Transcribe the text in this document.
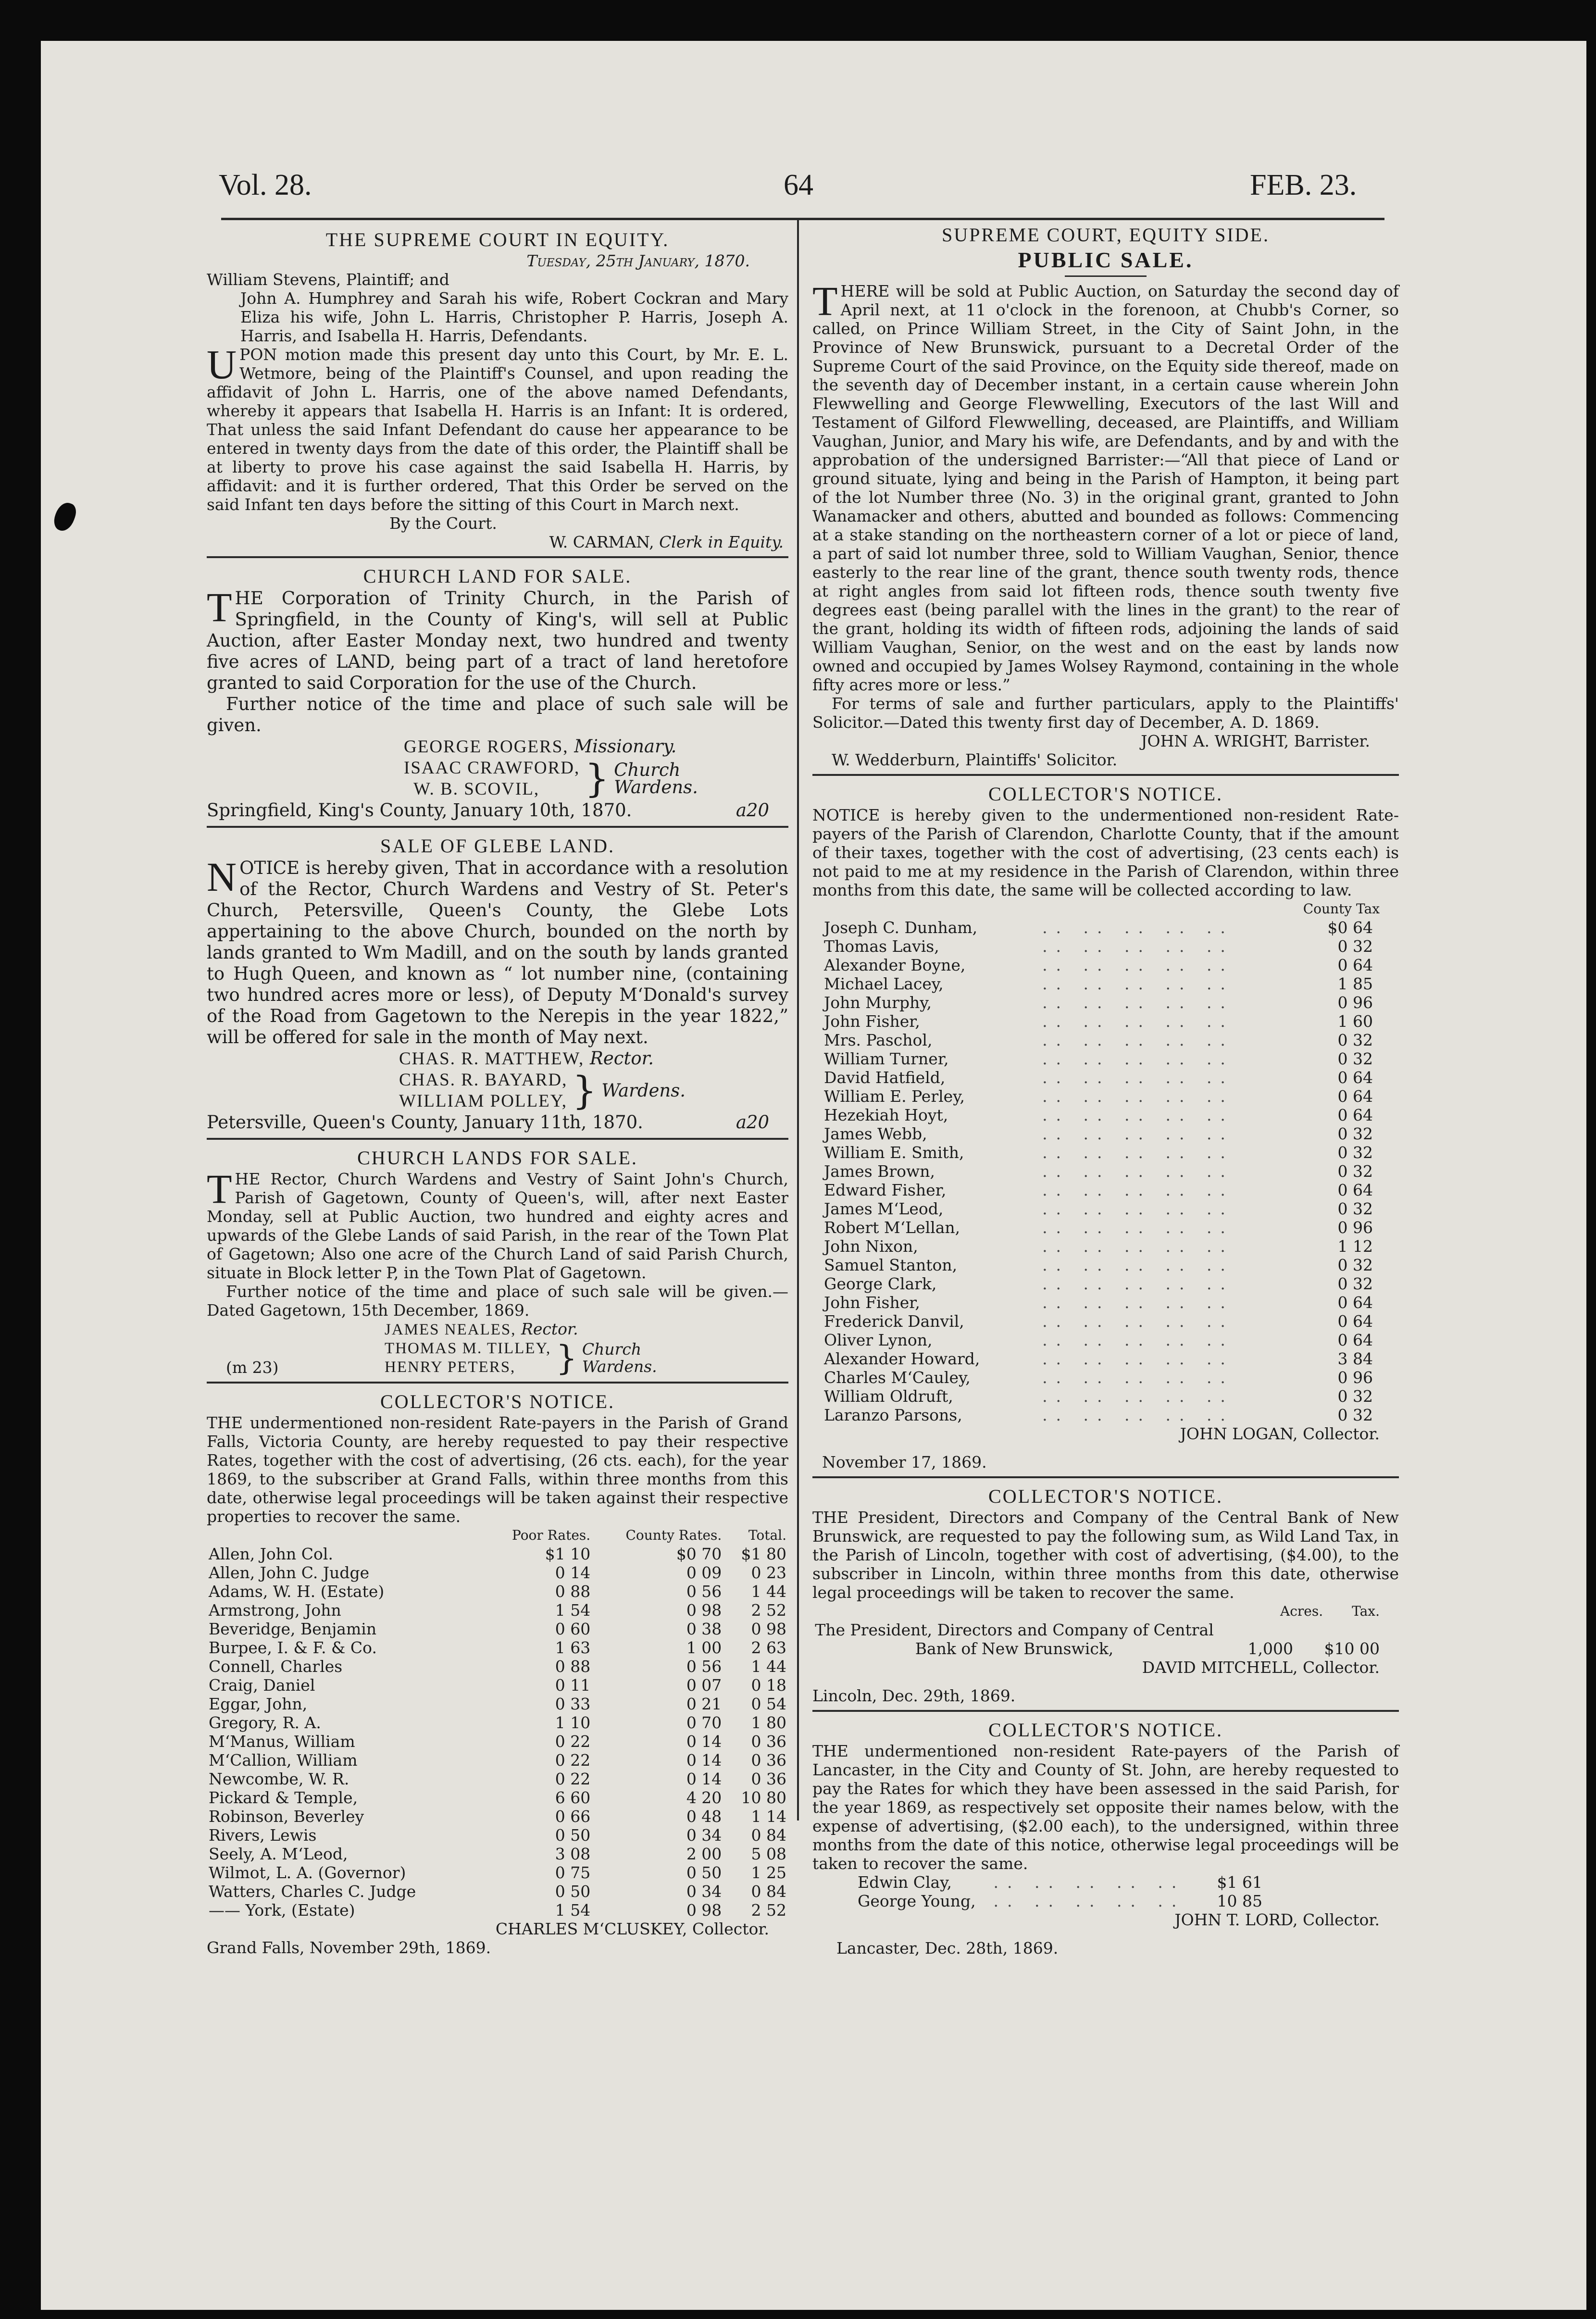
Vol. 28.	64	FEB. 23.
THE SUPREME COURT IN EQUITY.
Tuesday, 25th January, 1870.
William Stevens, Plaintiff; and

John A. Humphrey and Sarah his wife, Robert Cockran and Mary Eliza his wife, John L. Harris, Christopher P. Harris, Joseph A. Harris, and Isabella H. Harris, Defendants.

UPON motion made this present day unto this Court, by Mr. E. L. Wetmore, being of the Plaintiff's Counsel, and upon reading the affidavit of John L. Harris, one of the above named Defendants, whereby it appears that Isabella H. Harris is an Infant: It is ordered, That unless the said Infant Defendant do cause her appearance to be entered in twenty days from the date of this order, the Plaintiff shall be at liberty to prove his case against the said Isabella H. Harris, by affidavit: and it is further ordered, That this Order be served on the said Infant ten days before the sitting of this Court in March next.

By the Court.
W. CARMAN, Clerk in Equity.
CHURCH LAND FOR SALE.

THE Corporation of Trinity Church, in the Parish of Springfield, in the County of King's, will sell at Public Auction, after Easter Monday next, two hundred and twenty five acres of LAND, being part of a tract of land heretofore granted to said Corporation for the use of the Church.

Further notice of the time and place of such sale will be given.

GEORGE ROGERS, Missionary.
ISAAC CRAWFORD,
W. B. SCOVIL,	} Church
Wardens.
Springfield, King's County, January 10th, 1870.	a20
SALE OF GLEBE LAND.

NOTICE is hereby given, That in accordance with a resolution of the Rector, Church Wardens and Vestry of St. Peter's Church, Petersville, Queen's County, the Glebe Lots appertaining to the above Church, bounded on the north by lands granted to Wm Madill, and on the south by lands granted to Hugh Queen, and known as “ lot number nine, (containing two hundred acres more or less), of Deputy M‘Donald's survey of the Road from Gagetown to the Nerepis in the year 1822,” will be offered for sale in the month of May next.

CHAS. R. MATTHEW, Rector.
CHAS. R. BAYARD,
WILLIAM POLLEY, } Wardens.
Petersville, Queen's County, January 11th, 1870.	a20
CHURCH LANDS FOR SALE.

THE Rector, Church Wardens and Vestry of Saint John's Church, Parish of Gagetown, County of Queen's, will, after next Easter Monday, sell at Public Auction, two hundred and eighty acres and upwards of the Glebe Lands of said Parish, in the rear of the Town Plat of Gagetown; Also one acre of the Church Land of said Parish Church, situate in Block letter P, in the Town Plat of Gagetown.

Further notice of the time and place of such sale will be given.—Dated Gagetown, 15th December, 1869.

(m 23)
JAMES NEALES, Rector.
THOMAS M. TILLEY,
HENRY PETERS,	} Church
Wardens.
COLLECTOR'S NOTICE.

THE undermentioned non-resident Rate-payers in the Parish of Grand Falls, Victoria County, are hereby requested to pay their respective Rates, together with the cost of advertising, (26 cts. each), for the year 1869, to the subscriber at Grand Falls, within three months from this date, otherwise legal proceedings will be taken against their respective properties to recover the same.

	Poor Rates.	County Rates.	Total.
Allen, John Col.	$1 10	$0 70	$1 80
Allen, John C. Judge	0 14	0 09	0 23
Adams, W. H. (Estate)	0 88	0 56	1 44
Armstrong, John	1 54	0 98	2 52
Beveridge, Benjamin	0 60	0 38	0 98
Burpee, I. & F. & Co.	1 63	1 00	2 63
Connell, Charles	0 88	0 56	1 44
Craig, Daniel	0 11	0 07	0 18
Eggar, John,	0 33	0 21	0 54
Gregory, R. A.	1 10	0 70	1 80
M‘Manus, William	0 22	0 14	0 36
M‘Callion, William	0 22	0 14	0 36
Newcombe, W. R.	0 22	0 14	0 36
Pickard & Temple,	6 60	4 20	10 80
Robinson, Beverley	0 66	0 48	1 14
Rivers, Lewis	0 50	0 34	0 84
Seely, A. M‘Leod,	3 08	2 00	5 08
Wilmot, L. A. (Governor)	0 75	0 50	1 25
Watters, Charles C. Judge	0 50	0 34	0 84
—— York, (Estate)	1 54	0 98	2 52
CHARLES M‘CLUSKEY, Collector.
Grand Falls, November 29th, 1869.
SUPREME COURT, EQUITY SIDE.
PUBLIC SALE.

THERE will be sold at Public Auction, on Saturday the second day of April next, at 11 o'clock in the forenoon, at Chubb's Corner, so called, on Prince William Street, in the City of Saint John, in the Province of New Brunswick, pursuant to a Decretal Order of the Supreme Court of the said Province, on the Equity side thereof, made on the seventh day of December instant, in a certain cause wherein John Flewwelling and George Flewwelling, Executors of the last Will and Testament of Gilford Flewwelling, deceased, are Plaintiffs, and William Vaughan, Junior, and Mary his wife, are Defendants, and by and with the approbation of the undersigned Barrister:—“All that piece of Land or ground situate, lying and being in the Parish of Hampton, it being part of the lot Number three (No. 3) in the original grant, granted to John Wanamacker and others, abutted and bounded as follows: Commencing at a stake standing on the northeastern corner of a lot or piece of land, a part of said lot number three, sold to William Vaughan, Senior, thence easterly to the rear line of the grant, thence south twenty rods, thence at right angles from said lot fifteen rods, thence south twenty five degrees east (being parallel with the lines in the grant) to the rear of the grant, holding its width of fifteen rods, adjoining the lands of said William Vaughan, Senior, on the west and on the east by lands now owned and occupied by James Wolsey Raymond, containing in the whole fifty acres more or less.”

For terms of sale and further particulars, apply to the Plaintiffs' Solicitor.—Dated this twenty first day of December, A. D. 1869.

JOHN A. WRIGHT, Barrister.
W. Wedderburn, Plaintiffs' Solicitor.
COLLECTOR'S NOTICE.

NOTICE is hereby given to the undermentioned non-resident Rate-payers of the Parish of Clarendon, Charlotte County, that if the amount of their taxes, together with the cost of advertising, (23 cents each) is not paid to me at my residence in the Parish of Clarendon, within three months from this date, the same will be collected according to law.

County Tax
Joseph C. Dunham,	.. .. .. .. ..	$0 64
Thomas Lavis,	.. .. .. .. ..	0 32
Alexander Boyne,	.. .. .. .. ..	0 64
Michael Lacey,	.. .. .. .. ..	1 85
John Murphy,	.. .. .. .. ..	0 96
John Fisher,	.. .. .. .. ..	1 60
Mrs. Paschol,	.. .. .. .. ..	0 32
William Turner,	.. .. .. .. ..	0 32
David Hatfield,	.. .. .. .. ..	0 64
William E. Perley,	.. .. .. .. ..	0 64
Hezekiah Hoyt,	.. .. .. .. ..	0 64
James Webb,	.. .. .. .. ..	0 32
William E. Smith,	.. .. .. .. ..	0 32
James Brown,	.. .. .. .. ..	0 32
Edward Fisher,	.. .. .. .. ..	0 64
James M‘Leod,	.. .. .. .. ..	0 32
Robert M‘Lellan,	.. .. .. .. ..	0 96
John Nixon,	.. .. .. .. ..	1 12
Samuel Stanton,	.. .. .. .. ..	0 32
George Clark,	.. .. .. .. ..	0 32
John Fisher,	.. .. .. .. ..	0 64
Frederick Danvil,	.. .. .. .. ..	0 64
Oliver Lynon,	.. .. .. .. ..	0 64
Alexander Howard,	.. .. .. .. ..	3 84
Charles M‘Cauley,	.. .. .. .. ..	0 96
William Oldruft,	.. .. .. .. ..	0 32
Laranzo Parsons,	.. .. .. .. ..	0 32
JOHN LOGAN, Collector.
November 17, 1869.
COLLECTOR'S NOTICE.

THE President, Directors and Company of the Central Bank of New Brunswick, are requested to pay the following sum, as Wild Land Tax, in the Parish of Lincoln, together with cost of advertising, ($4.00), to the subscriber in Lincoln, within three months from this date, otherwise legal proceedings will be taken to recover the same.

Acres. Tax.
The President, Directors and Company of Central Bank of New Brunswick,	1,000	$10 00
DAVID MITCHELL, Collector.
Lincoln, Dec. 29th, 1869.
COLLECTOR'S NOTICE.

THE undermentioned non-resident Rate-payers of the Parish of Lancaster, in the City and County of St. John, are hereby requested to pay the Rates for which they have been assessed in the said Parish, for the year 1869, as respectively set opposite their names below, with the expense of advertising, ($2.00 each), to the undersigned, within three months from the date of this notice, otherwise legal proceedings will be taken to recover the same.

Edwin Clay,	.. .. .. .. ..	$1 61
George Young,	.. .. .. .. ..	10 85
JOHN T. LORD, Collector.
Lancaster, Dec. 28th, 1869.
